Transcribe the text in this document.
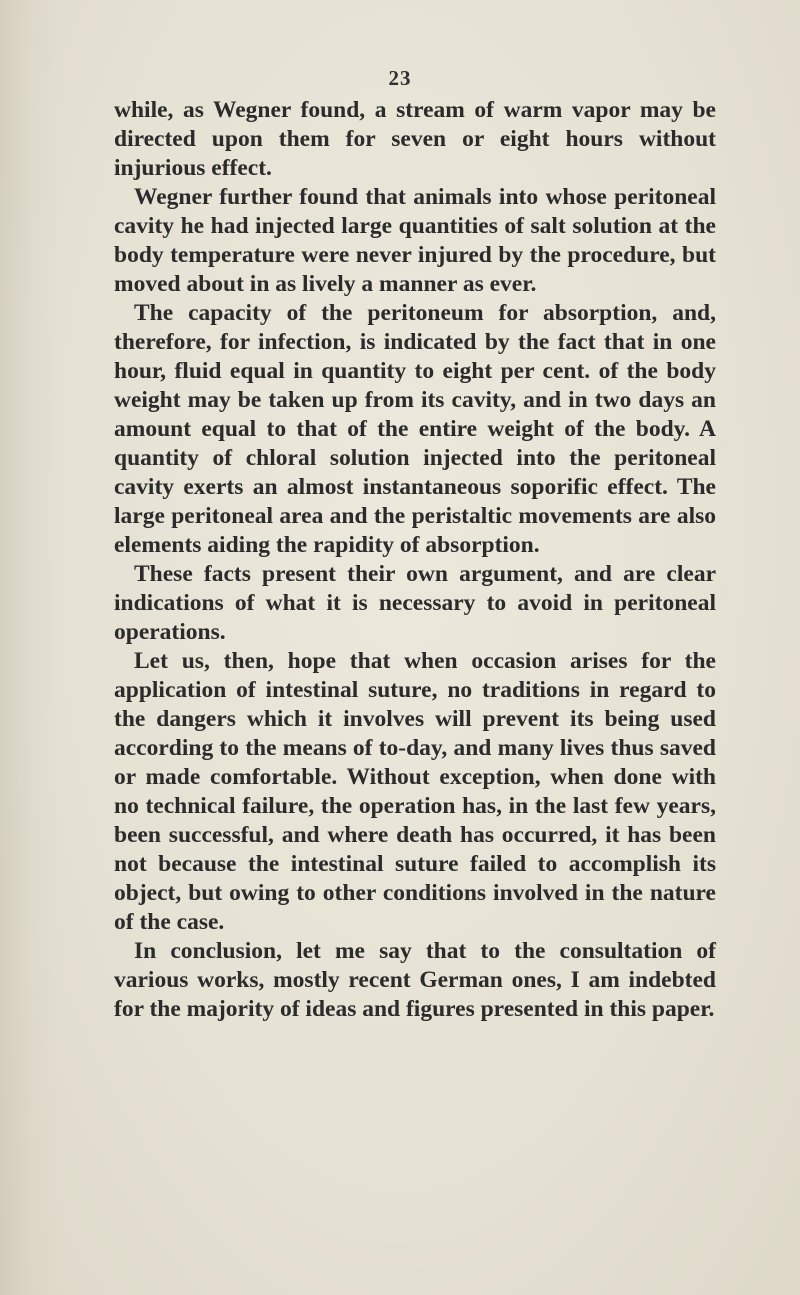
23

while, as Wegner found, a stream of warm vapor may be directed upon them for seven or eight hours without injurious effect.

Wegner further found that animals into whose peritoneal cavity he had injected large quantities of salt solution at the body temperature were never injured by the procedure, but moved about in as lively a manner as ever.

The capacity of the peritoneum for absorption, and, therefore, for infection, is indicated by the fact that in one hour, fluid equal in quantity to eight per cent. of the body weight may be taken up from its cavity, and in two days an amount equal to that of the entire weight of the body. A quantity of chloral solution injected into the peritoneal cavity exerts an almost instantaneous soporific effect. The large peritoneal area and the peristaltic movements are also elements aiding the rapidity of absorption.

These facts present their own argument, and are clear indications of what it is necessary to avoid in peritoneal operations.

Let us, then, hope that when occasion arises for the application of intestinal suture, no traditions in regard to the dangers which it involves will prevent its being used according to the means of to-day, and many lives thus saved or made comfortable. Without exception, when done with no technical failure, the operation has, in the last few years, been successful, and where death has occurred, it has been not because the intestinal suture failed to accomplish its object, but owing to other conditions involved in the nature of the case.

In conclusion, let me say that to the consultation of various works, mostly recent German ones, I am indebted for the majority of ideas and figures presented in this paper.
